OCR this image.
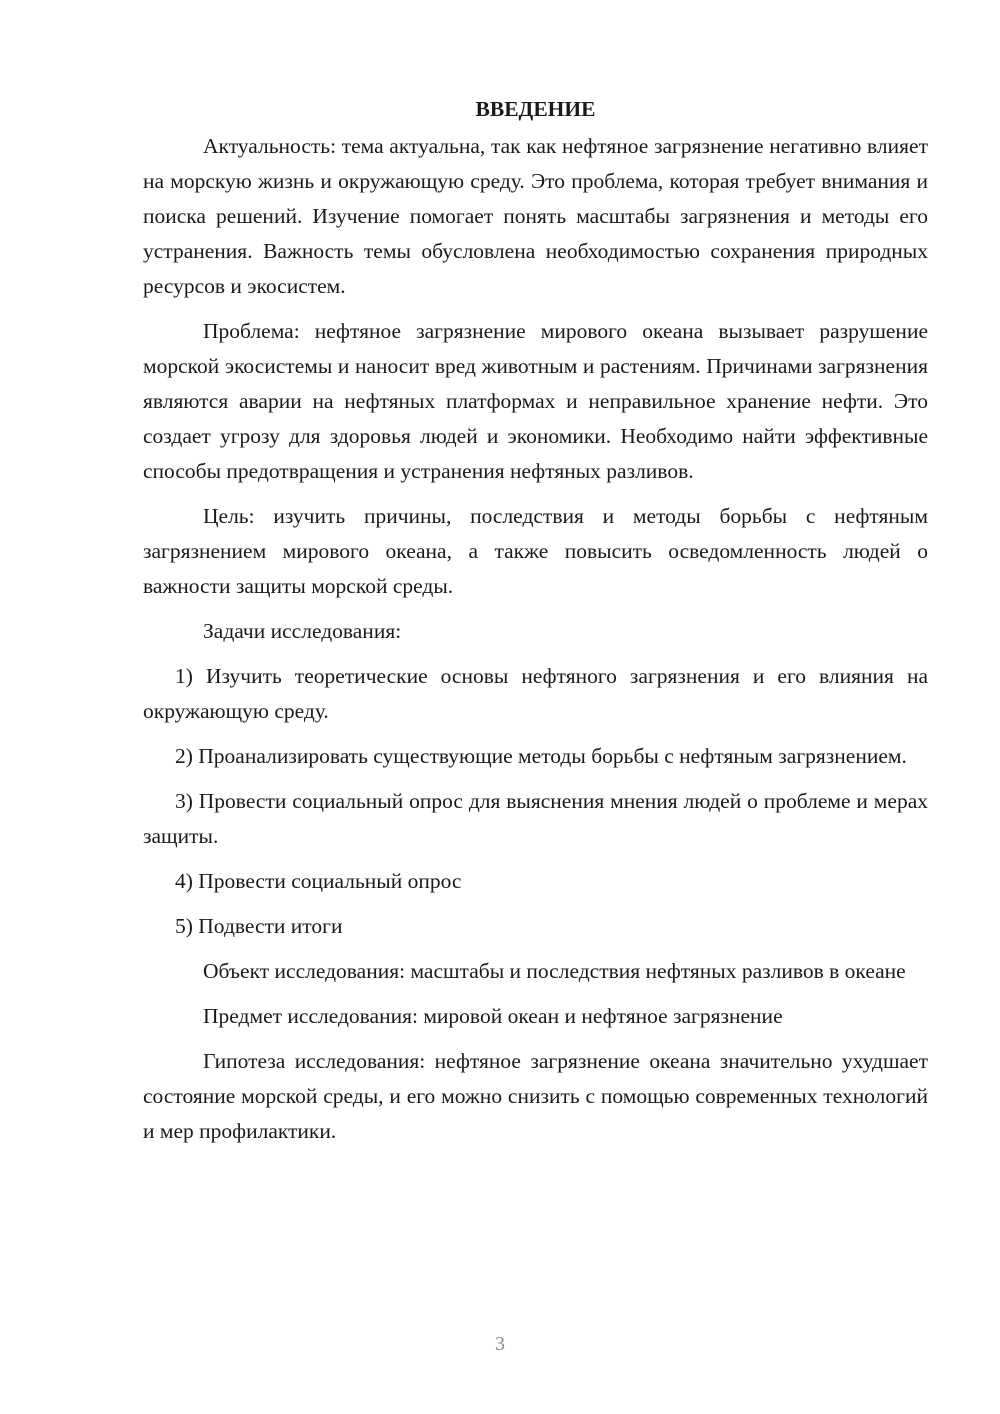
ВВЕДЕНИЕ

Актуальность: тема актуальна, так как нефтяное загрязнение негативно влияет на морскую жизнь и окружающую среду. Это проблема, которая требует внимания и поиска решений. Изучение помогает понять масштабы загрязнения и методы его устранения. Важность темы обусловлена необходимостью сохранения природных ресурсов и экосистем.

Проблема: нефтяное загрязнение мирового океана вызывает разрушение морской экосистемы и наносит вред животным и растениям. Причинами загрязнения являются аварии на нефтяных платформах и неправильное хранение нефти. Это создает угрозу для здоровья людей и экономики. Необходимо найти эффективные способы предотвращения и устранения нефтяных разливов.

Цель: изучить причины, последствия и методы борьбы с нефтяным загрязнением мирового океана, а также повысить осведомленность людей о важности защиты морской среды.

Задачи исследования:

1) Изучить теоретические основы нефтяного загрязнения и его влияния на окружающую среду.

2) Проанализировать существующие методы борьбы с нефтяным загрязнением.

3) Провести социальный опрос для выяснения мнения людей о проблеме и мерах защиты.

4) Провести социальный опрос

5) Подвести итоги

Объект исследования: масштабы и последствия нефтяных разливов в океане

Предмет исследования: мировой океан и нефтяное загрязнение

Гипотеза исследования: нефтяное загрязнение океана значительно ухудшает состояние морской среды, и его можно снизить с помощью современных технологий и мер профилактики.

3
